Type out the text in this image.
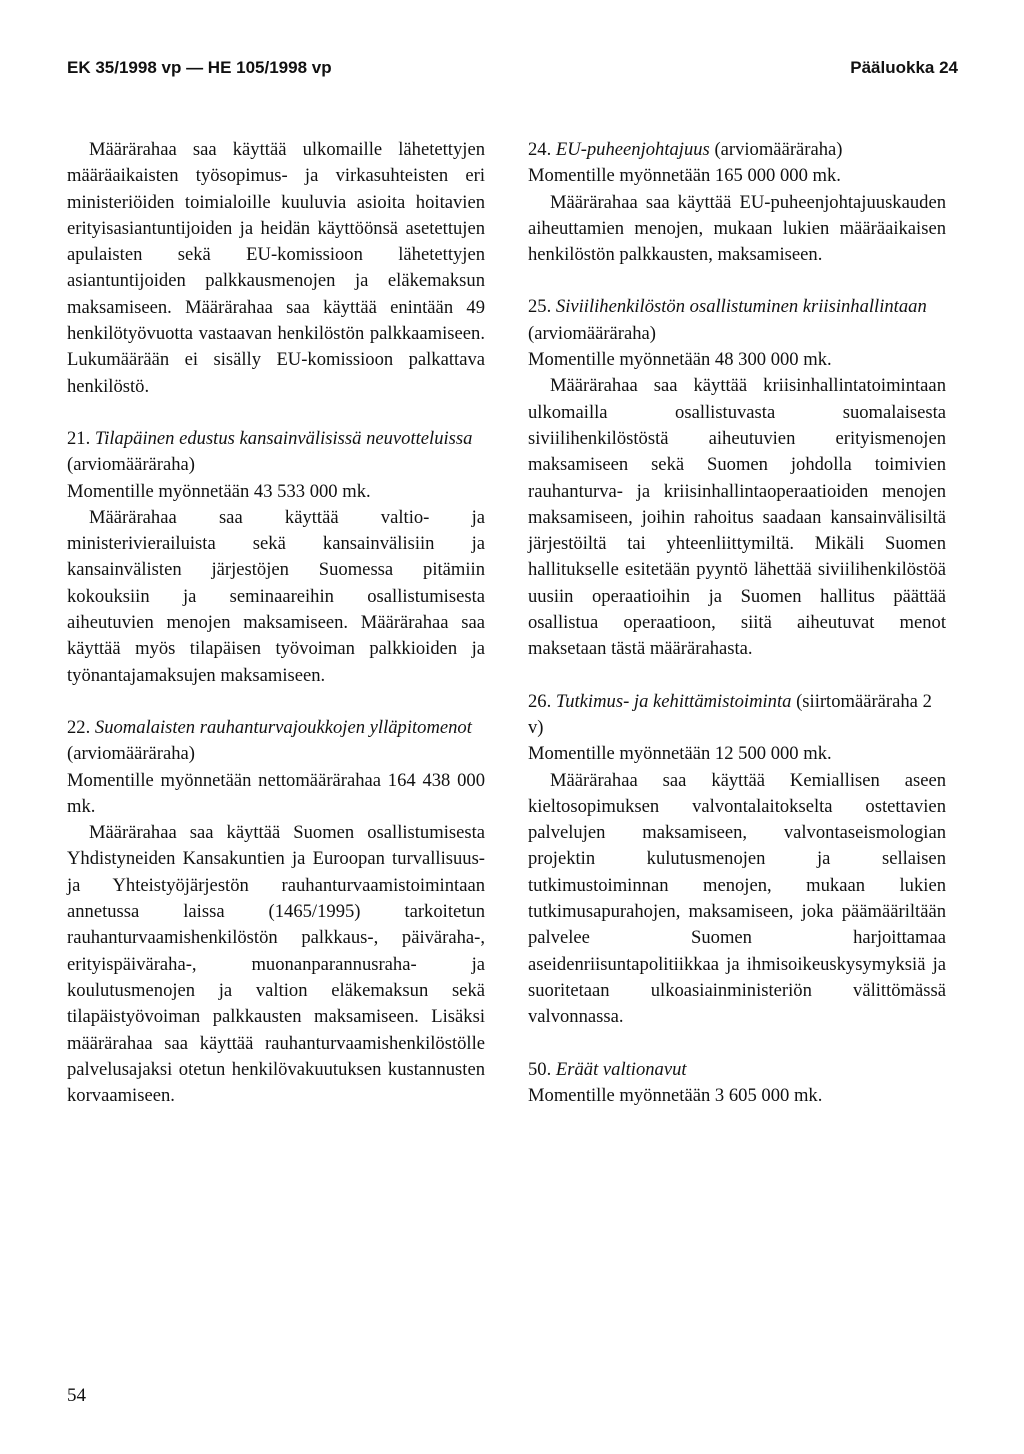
EK 35/1998 vp — HE 105/1998 vp	Pääluokka 24

Määrärahaa saa käyttää ulkomaille lähetettyjen määräaikaisten työsopimus- ja virkasuhteisten eri ministeriöiden toimialoille kuuluvia asioita hoitavien erityisasiantuntijoiden ja heidän käyttöönsä asetettujen apulaisten sekä EU-komissioon lähetettyjen asiantuntijoiden palkkausmenojen ja eläkemaksun maksamiseen. Määrärahaa saa käyttää enintään 49 henkilötyövuotta vastaavan henkilöstön palkkaamiseen. Lukumäärään ei sisälly EU-komissioon palkattava henkilöstö.

21. Tilapäinen edustus kansainvälisissä neuvotteluissa (arviomääräraha)

Momentille myönnetään 43 533 000 mk.

Määrärahaa saa käyttää valtio- ja ministerivierailuista sekä kansainvälisiin ja kansainvälisten järjestöjen Suomessa pitämiin kokouksiin ja seminaareihin osallistumisesta aiheutuvien menojen maksamiseen. Määrärahaa saa käyttää myös tilapäisen työvoiman palkkioiden ja työnantajamaksujen maksamiseen.

22. Suomalaisten rauhanturvajoukkojen ylläpitomenot (arviomääräraha)

Momentille myönnetään nettomäärärahaa 164 438 000 mk.

Määrärahaa saa käyttää Suomen osallistumisesta Yhdistyneiden Kansakuntien ja Euroopan turvallisuus- ja Yhteistyöjärjestön rauhanturvaamistoimintaan annetussa laissa (1465/1995) tarkoitetun rauhanturvaamishenkilöstön palkkaus-, päiväraha-, erityispäiväraha-, muonanparannusraha- ja koulutusmenojen ja valtion eläkemaksun sekä tilapäistyövoiman palkkausten maksamiseen. Lisäksi määrärahaa saa käyttää rauhanturvaamishenkilöstölle palvelusajaksi otetun henkilövakuutuksen kustannusten korvaamiseen.

24. EU-puheenjohtajuus (arviomääräraha)

Momentille myönnetään 165 000 000 mk.

Määrärahaa saa käyttää EU-puheenjohtajuuskauden aiheuttamien menojen, mukaan lukien määräaikaisen henkilöstön palkkausten, maksamiseen.

25. Siviilihenkilöstön osallistuminen kriisinhallintaan (arviomääräraha)

Momentille myönnetään 48 300 000 mk.

Määrärahaa saa käyttää kriisinhallintatoimintaan ulkomailla osallistuvasta suomalaisesta siviilihenkilöstöstä aiheutuvien erityismenojen maksamiseen sekä Suomen johdolla toimivien rauhanturva- ja kriisinhallintaoperaatioiden menojen maksamiseen, joihin rahoitus saadaan kansainvälisiltä järjestöiltä tai yhteenliittymiltä. Mikäli Suomen hallitukselle esitetään pyyntö lähettää siviilihenkilöstöä uusiin operaatioihin ja Suomen hallitus päättää osallistua operaatioon, siitä aiheutuvat menot maksetaan tästä määrärahasta.

26. Tutkimus- ja kehittämistoiminta (siirtomääräraha 2 v)

Momentille myönnetään 12 500 000 mk.

Määrärahaa saa käyttää Kemiallisen aseen kieltosopimuksen valvontalaitokselta ostettavien palvelujen maksamiseen, valvontaseismologian projektin kulutusmenojen ja sellaisen tutkimustoiminnan menojen, mukaan lukien tutkimusapurahojen, maksamiseen, joka päämääriltään palvelee Suomen harjoittamaa aseidenriisuntapolitiikkaa ja ihmisoikeuskysymyksiä ja suoritetaan ulkoasiainministeriön välittömässä valvonnassa.

50. Eräät valtionavut

Momentille myönnetään 3 605 000 mk.

54
